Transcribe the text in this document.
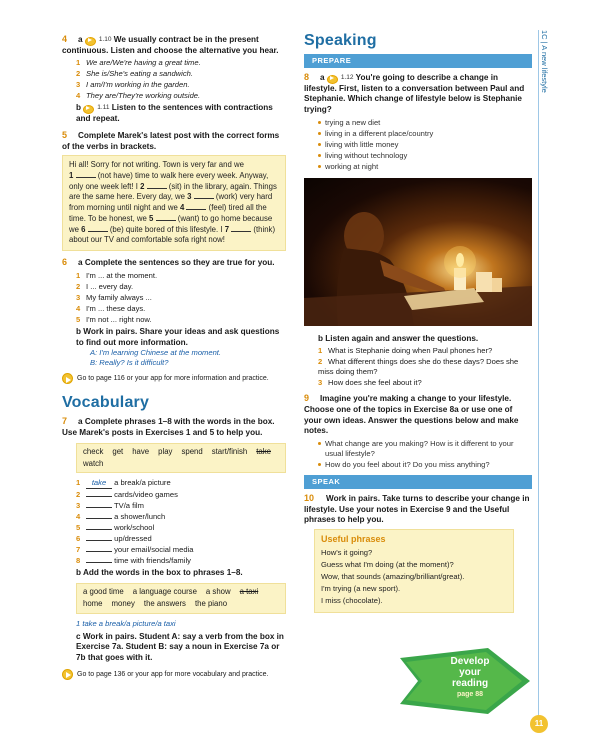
4 a	1.10 We usually contract be in the present continuous. Listen and choose the alternative you hear.
1 We are/We're having a great time.
2 She is/She's eating a sandwich.
3 I am/I'm working in the garden.
4 They are/They're working outside.
b	1.11 Listen to the sentences with contractions and repeat.
5 Complete Marek's latest post with the correct forms of the verbs in brackets.
Hi all! Sorry for not writing. Town is very far and we
1	(not have) time to walk here every week. Anyway, only one week left! I 2	(sit) in the library, again. Things are the same here. Every day, we 3	(work) very hard from morning until night and we 4	(feel) tired all the time. To be honest, we 5	(want) to go home because we 6	(be) quite bored of this lifestyle. I 7	(think) about our TV and comfortable sofa right now!
6 a Complete the sentences so they are true for you.
1 I'm ... at the moment.
2 I ... every day.
3 My family always ...
4 I'm ... these days.
5 I'm not ... right now.
b Work in pairs. Share your ideas and ask questions to find out more information.
A: I'm learning Chinese at the moment.
B: Really? Is it difficult?
Go to page 116 or your app for more information and practice.
Vocabulary
7 a Complete phrases 1–8 with the words in the box. Use Marek's posts in Exercises 1 and 5 to help you.
check get have play spend start/finish take
watch
1 take a break/a picture
2	cards/video games
3	TV/a film
4	a shower/lunch
5	work/school
6	up/dressed
7	your email/social media
8	time with friends/family
b Add the words in the box to phrases 1–8.
a good time a language course a show a taxi
home money the answers the piano
1 take a break/a picture/a taxi
c Work in pairs. Student A: say a verb from the box in Exercise 7a. Student B: say a noun in Exercise 7a or 7b that goes with it.
Go to page 136 or your app for more vocabulary and practice.
Speaking
PREPARE
8 a	1.12 You're going to describe a change in lifestyle. First, listen to a conversation between Paul and Stephanie. Which change of lifestyle below is Stephanie trying?
trying a new diet
living in a different place/country
living with little money
living without technology
working at night
b Listen again and answer the questions.
1 What is Stephanie doing when Paul phones her?
2 What different things does she do these days? Does she miss doing them?
3 How does she feel about it?
9 Imagine you're making a change to your lifestyle. Choose one of the topics in Exercise 8a or use one of your own ideas. Answer the questions below and make notes.
What change are you making? How is it different to your usual lifestyle?
How do you feel about it? Do you miss anything?
SPEAK
10 Work in pairs. Take turns to describe your change in lifestyle. Use your notes in Exercise 9 and the Useful phrases to help you.
Useful phrases
How's it going?
Guess what I'm doing (at the moment)?
Wow, that sounds (amazing/brilliant/great).
I'm trying (a new sport).
I miss (chocolate).
1C | A new lifestyle
Develop
your
reading
page 88
11
